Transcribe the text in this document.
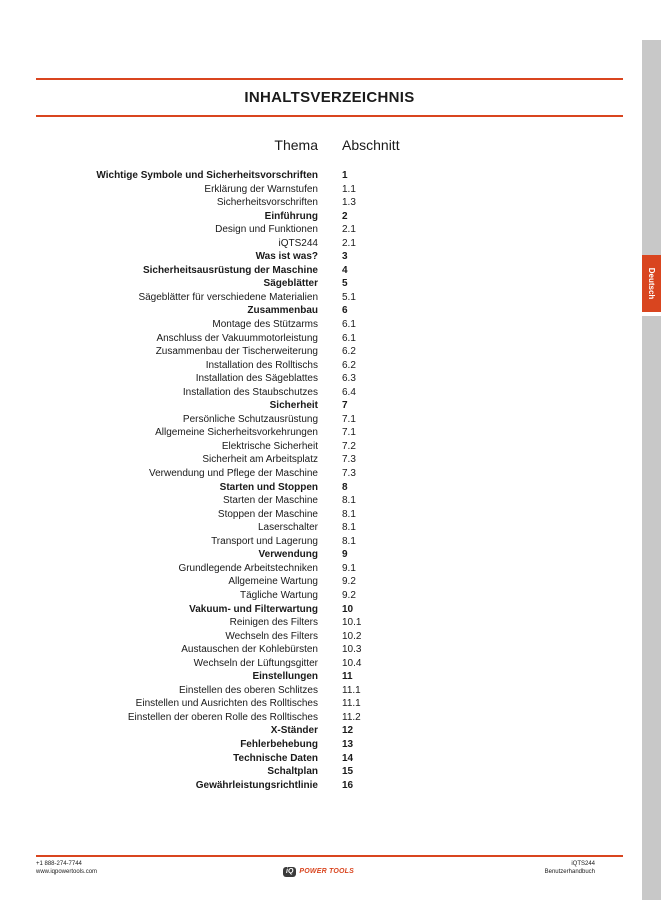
Deutsch
INHALTSVERZEICHNIS
Thema Abschnitt
Wichtige Symbole und Sicherheitsvorschriften 1
Erklärung der Warnstufen 1.1
Sicherheitsvorschriften 1.3
Einführung 2
Design und Funktionen 2.1
iQTS244 2.1
Was ist was? 3
Sicherheitsausrüstung der Maschine 4
Sägeblätter 5
Sägeblätter für verschiedene Materialien 5.1
Zusammenbau 6
Montage des Stützarms 6.1
Anschluss der Vakuummotorleistung 6.1
Zusammenbau der Tischerweiterung 6.2
Installation des Rolltischs 6.2
Installation des Sägeblattes 6.3
Installation des Staubschutzes 6.4
Sicherheit 7
Persönliche Schutzausrüstung 7.1
Allgemeine Sicherheitsvorkehrungen 7.1
Elektrische Sicherheit 7.2
Sicherheit am Arbeitsplatz 7.3
Verwendung und Pflege der Maschine 7.3
Starten und Stoppen 8
Starten der Maschine 8.1
Stoppen der Maschine 8.1
Laserschalter 8.1
Transport und Lagerung 8.1
Verwendung 9
Grundlegende Arbeitstechniken 9.1
Allgemeine Wartung 9.2
Tägliche Wartung 9.2
Vakuum- und Filterwartung 10
Reinigen des Filters 10.1
Wechseln des Filters 10.2
Austauschen der Kohlebürsten 10.3
Wechseln der Lüftungsgitter 10.4
Einstellungen 11
Einstellen des oberen Schlitzes 11.1
Einstellen und Ausrichten des Rolltisches 11.1
Einstellen der oberen Rolle des Rolltisches 11.2
X-Ständer 12
Fehlerbehebung 13
Technische Daten 14
Schaltplan 15
Gewährleistungsrichtlinie 16
+1 888-274-7744
www.iqpowertools.com	iQ POWER TOOLS
iQTS244
Benutzerhandbuch
